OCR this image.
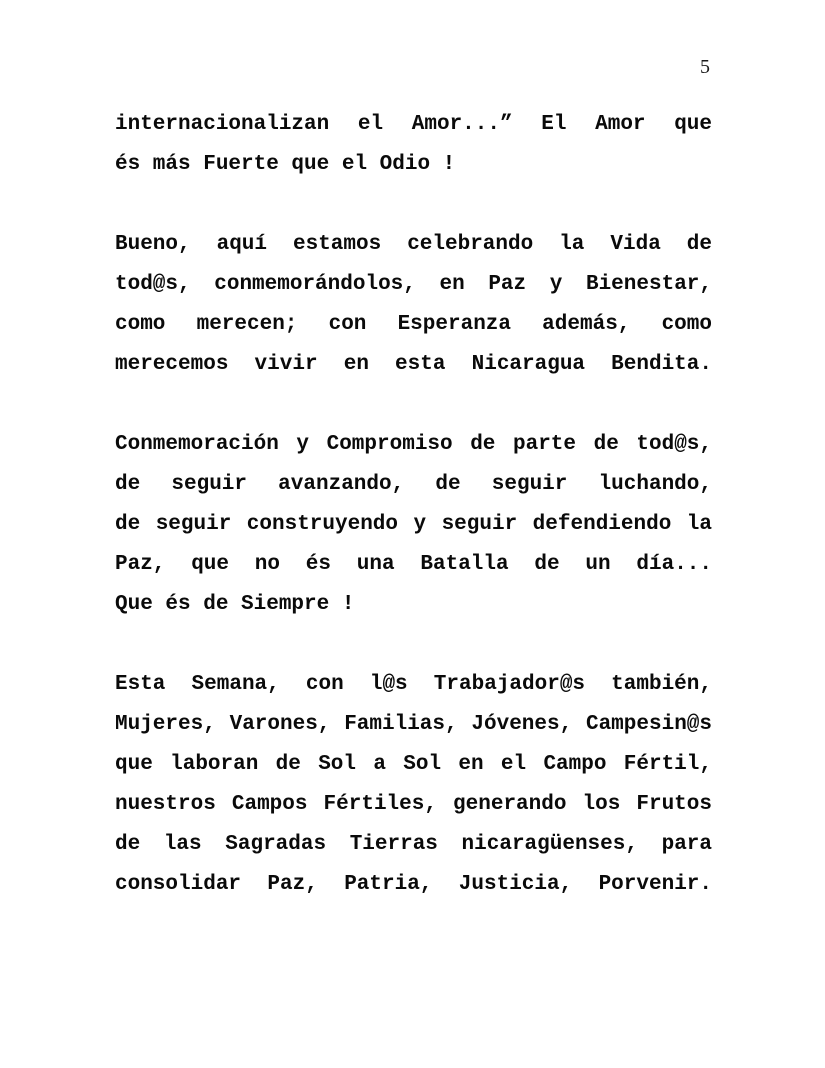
5
internacionalizan el Amor...” El Amor que
és más Fuerte que el Odio !
Bueno, aquí estamos celebrando la Vida de
tod@s, conmemorándolos, en Paz y Bienestar,
como merecen; con Esperanza además, como
merecemos vivir en esta Nicaragua Bendita.
Conmemoración y Compromiso de parte de tod@s,
de seguir avanzando, de seguir luchando,
de seguir construyendo y seguir defendiendo la
Paz, que no és una Batalla de un día...
Que és de Siempre !
Esta Semana, con l@s Trabajador@s también,
Mujeres, Varones, Familias, Jóvenes, Campesin@s
que laboran de Sol a Sol en el Campo Fértil,
nuestros Campos Fértiles, generando los Frutos
de las Sagradas Tierras nicaragüenses, para
consolidar Paz, Patria, Justicia, Porvenir.
